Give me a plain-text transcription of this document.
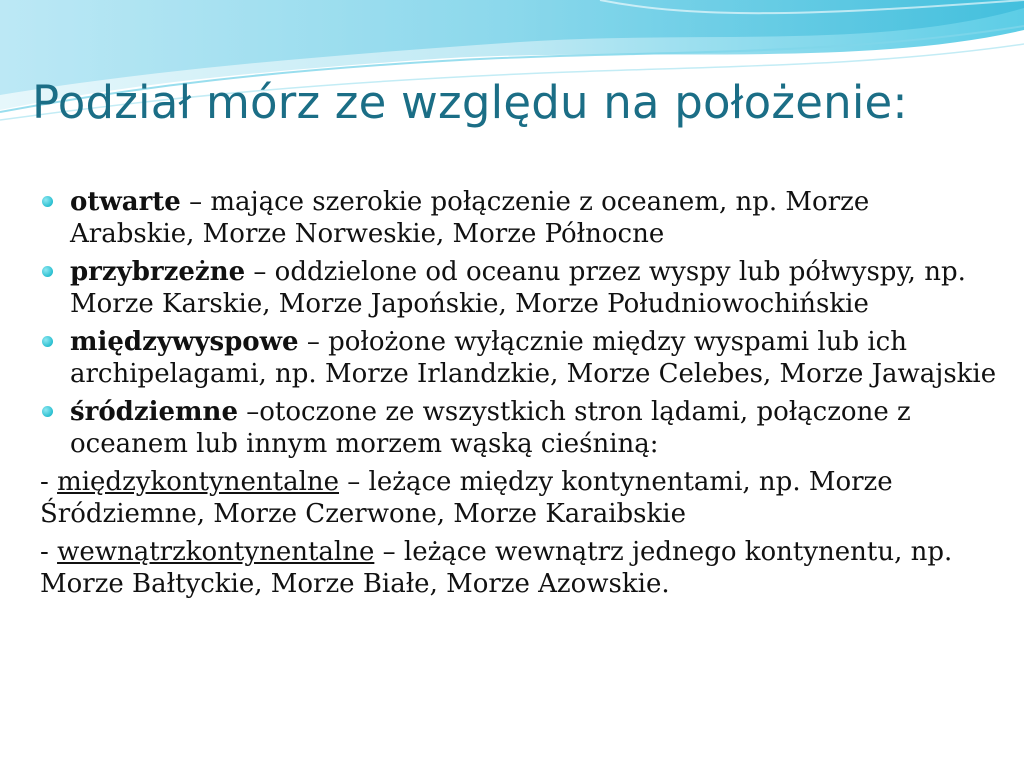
Podział mórz ze względu na położenie:
otwarte – mające szerokie połączenie z oceanem, np. Morze Arabskie, Morze Norweskie, Morze Północne
przybrzeżne – oddzielone od oceanu przez wyspy lub półwyspy, np. Morze Karskie, Morze Japońskie, Morze Południowochińskie
międzywyspowe – położone wyłącznie między wyspami lub ich archipelagami, np. Morze Irlandzkie, Morze Celebes, Morze Jawajskie
śródziemne –otoczone ze wszystkich stron lądami, połączone z oceanem lub innym morzem wąską cieśniną:

- międzykontynentalne – leżące między kontynentami, np. Morze Śródziemne, Morze Czerwone, Morze Karaibskie

- wewnątrzkontynentalne – leżące wewnątrz jednego kontynentu, np. Morze Bałtyckie, Morze Białe, Morze Azowskie.
